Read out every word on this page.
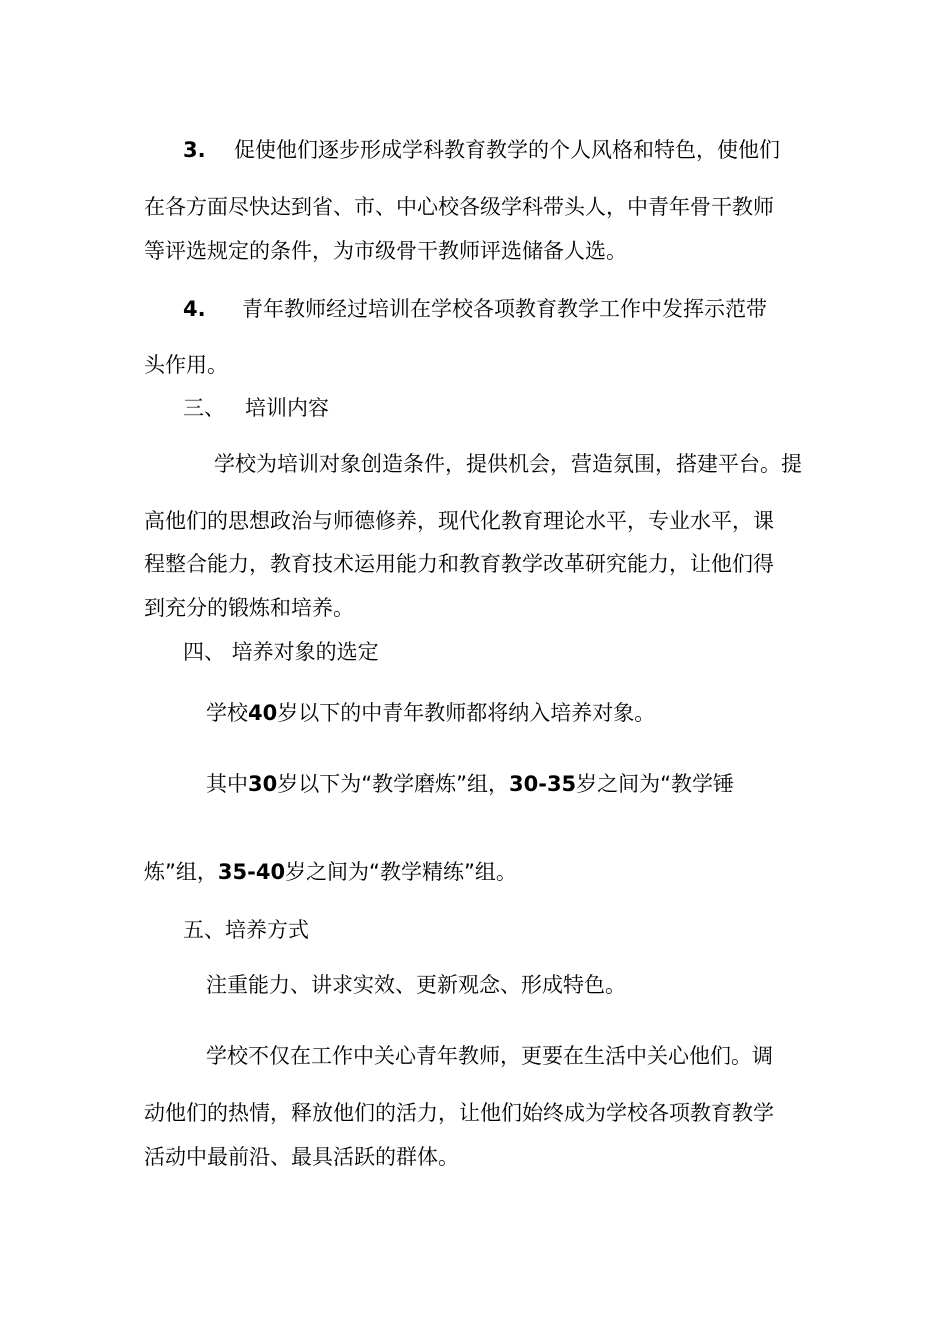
3. 促使他们逐步形成学科教育教学的个人风格和特色，使他们
在各方面尽快达到省、市、中心校各级学科带头人，中青年骨干教师
等评选规定的条件，为市级骨干教师评选储备人选。
4. 青年教师经过培训在学校各项教育教学工作中发挥示范带
头作用。
三、   培训内容
学校为培训对象创造条件，提供机会，营造氛围，搭建平台。提
高他们的思想政治与师德修养，现代化教育理论水平，专业水平，课
程整合能力，教育技术运用能力和教育教学改革研究能力，让他们得
到充分的锻炼和培养。
四、 培养对象的选定
学校40岁以下的中青年教师都将纳入培养对象。
其中30岁以下为“教学磨炼”组，30-35岁之间为“教学锤
炼”组，35-40岁之间为“教学精练”组。
五、培养方式
注重能力、讲求实效、更新观念、形成特色。
学校不仅在工作中关心青年教师，更要在生活中关心他们。调
动他们的热情，释放他们的活力，让他们始终成为学校各项教育教学
活动中最前沿、最具活跃的群体。
